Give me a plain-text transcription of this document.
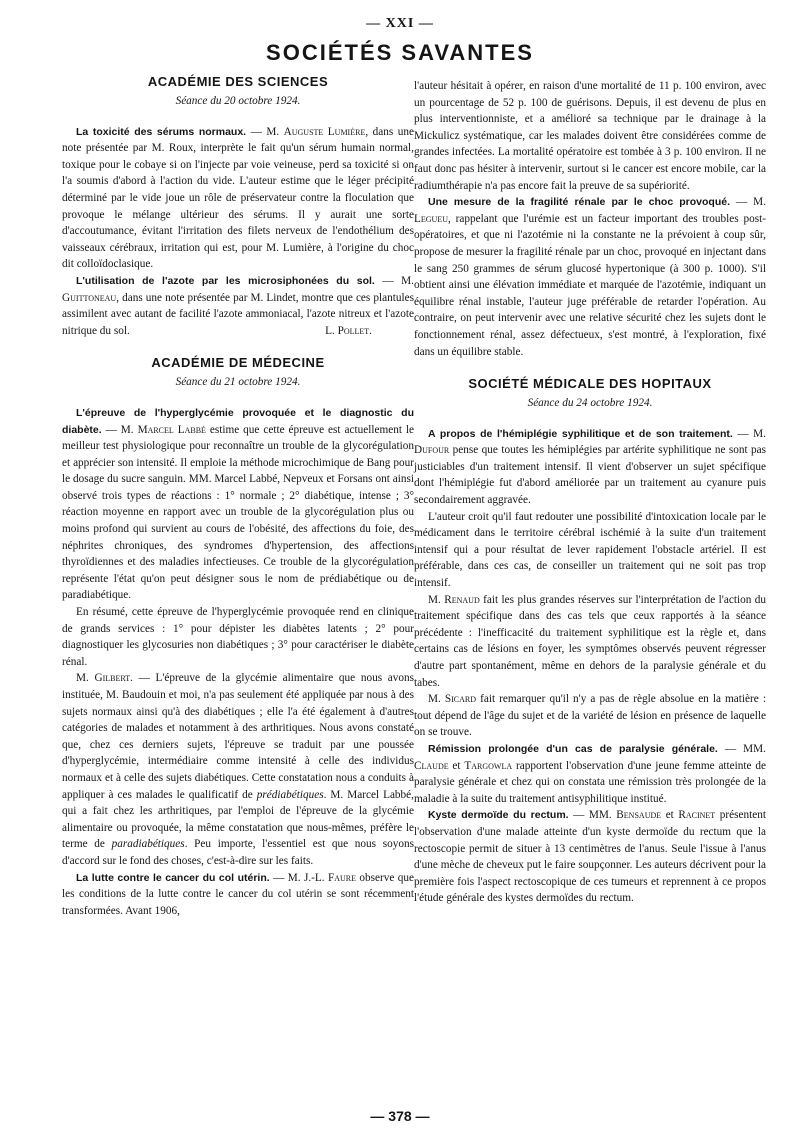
— XXI —
SOCIÉTÉS SAVANTES
ACADÉMIE DES SCIENCES
Séance du 20 octobre 1924.

La toxicité des sérums normaux. — M. Auguste Lumière, dans une note présentée par M. Roux, interprète le fait qu'un sérum humain normal, toxique pour le cobaye si on l'injecte par voie veineuse, perd sa toxicité si on l'a soumis d'abord à l'action du vide. L'auteur estime que le léger précipité déterminé par le vide joue un rôle de préservateur contre la floculation que provoque le mélange ultérieur des sérums. Il y aurait une sorte d'accoutumance, évitant l'irritation des filets nerveux de l'endothélium des vaisseaux cérébraux, irritation qui est, pour M. Lumière, à l'origine du choc dit colloïdoclasique.

L'utilisation de l'azote par les microsiphonées du sol. — M. Guittoneau, dans une note présentée par M. Lindet, montre que ces plantules assimilent avec autant de facilité l'azote ammoniacal, l'azote nitreux et l'azote nitrique du sol.	L. Pollet.
ACADÉMIE DE MÉDECINE
Séance du 21 octobre 1924.

L'épreuve de l'hyperglycémie provoquée et le diagnostic du diabète. — M. Marcel Labbé estime que cette épreuve est actuellement le meilleur test physiologique pour reconnaître un trouble de la glycorégulation et apprécier son intensité. Il emploie la méthode microchimique de Bang pour le dosage du sucre sanguin. MM. Marcel Labbé, Nepveux et Forsans ont ainsi observé trois types de réactions : 1° normale ; 2° diabétique, intense ; 3° réaction moyenne en rapport avec un trouble de la glycorégulation plus ou moins profond qui survient au cours de l'obésité, des affections du foie, des néphrites chroniques, des syndromes d'hypertension, des affections thyroïdiennes et des maladies infectieuses. Ce trouble de la glycorégulation représente l'état qu'on peut désigner sous le nom de prédiabétique ou de paradiabétique.

En résumé, cette épreuve de l'hyperglycémie provoquée rend en clinique de grands services : 1° pour dépister les diabètes latents ; 2° pour diagnostiquer les glycosuries non diabétiques ; 3° pour caractériser le diabète rénal.

M. Gilbert. — L'épreuve de la glycémie alimentaire que nous avons instituée, M. Baudouin et moi, n'a pas seulement été appliquée par nous à des sujets normaux ainsi qu'à des diabétiques ; elle l'a été également à d'autres catégories de malades et notamment à des arthritiques. Nous avons constaté que, chez ces derniers sujets, l'épreuve se traduit par une poussée d'hyperglycémie, intermédiaire comme intensité à celle des individus normaux et à celle des sujets diabétiques. Cette constatation nous a conduits à appliquer à ces malades le qualificatif de prédiabétiques. M. Marcel Labbé, qui a fait chez les arthritiques, par l'emploi de l'épreuve de la glycémie alimentaire ou provoquée, la même constatation que nous-mêmes, préfère le terme de paradiabétiques. Peu importe, l'essentiel est que nous soyons d'accord sur le fond des choses, c'est-à-dire sur les faits.

La lutte contre le cancer du col utérin. — M. J.-L. Faure observe que les conditions de la lutte contre le cancer du col utérin se sont récemment transformées. Avant 1906,

l'auteur hésitait à opérer, en raison d'une mortalité de 11 p. 100 environ, avec un pourcentage de 52 p. 100 de guérisons. Depuis, il est devenu de plus en plus interventionniste, et a amélioré sa technique par le drainage à la Mickulicz systématique, car les malades doivent être considérées comme de grandes infectées. La mortalité opératoire est tombée à 3 p. 100 environ. Il ne faut donc pas hésiter à intervenir, surtout si le cancer est encore mobile, car la radiumthérapie n'a pas encore fait la preuve de sa supériorité.

Une mesure de la fragilité rénale par le choc provoqué. — M. Legueu, rappelant que l'urémie est un facteur important des troubles post-opératoires, et que ni l'azotémie ni la constante ne la prévoient à coup sûr, propose de mesurer la fragilité rénale par un choc, provoqué en injectant dans le sang 250 grammes de sérum glucosé hypertonique (à 300 p. 1000). S'il obtient ainsi une élévation immédiate et marquée de l'azotémie, indiquant un équilibre rénal instable, l'auteur juge préférable de retarder l'opération. Au contraire, on peut intervenir avec une relative sécurité chez les sujets dont le fonctionnement rénal, assez défectueux, s'est montré, à l'exploration, fixé dans un équilibre stable.

SOCIÉTÉ MÉDICALE DES HOPITAUX
Séance du 24 octobre 1924.

A propos de l'hémiplégie syphilitique et de son traitement. — M. Dufour pense que toutes les hémiplégies par artérite syphilitique ne sont pas justiciables d'un traitement intensif. Il vient d'observer un sujet spécifique dont l'hémiplégie fut d'abord améliorée par un traitement au cyanure puis secondairement aggravée.

L'auteur croit qu'il faut redouter une possibilité d'intoxication locale par le médicament dans le territoire cérébral ischémié à la suite d'un traitement intensif qui a pour résultat de lever rapidement l'obstacle artériel. Il est préférable, dans ces cas, de conseiller un traitement qui ne soit pas trop intensif.

M. Renaud fait les plus grandes réserves sur l'interprétation de l'action du traitement spécifique dans des cas tels que ceux rapportés à la séance précédente : l'inefficacité du traitement syphilitique est la règle et, dans certains cas de lésions en foyer, les symptômes observés peuvent régresser d'autre part spontanément, même en dehors de la paralysie générale et du tabes.

M. Sicard fait remarquer qu'il n'y a pas de règle absolue en la matière : tout dépend de l'âge du sujet et de la variété de lésion en présence de laquelle on se trouve.

Rémission prolongée d'un cas de paralysie générale. — MM. Claude et Targowla rapportent l'observation d'une jeune femme atteinte de paralysie générale et chez qui on constata une rémission très prolongée de la maladie à la suite du traitement antisyphilitique institué.

Kyste dermoïde du rectum. — MM. Bensaude et Racinet présentent l'observation d'une malade atteinte d'un kyste dermoïde du rectum que la rectoscopie permit de situer à 13 centimètres de l'anus. Seule l'issue à l'anus d'une mèche de cheveux put le faire soupçonner. Les auteurs décrivent pour la première fois l'aspect rectoscopique de ces tumeurs et reprennent à ce propos l'étude générale des kystes dermoïdes du rectum.

— 378 —
